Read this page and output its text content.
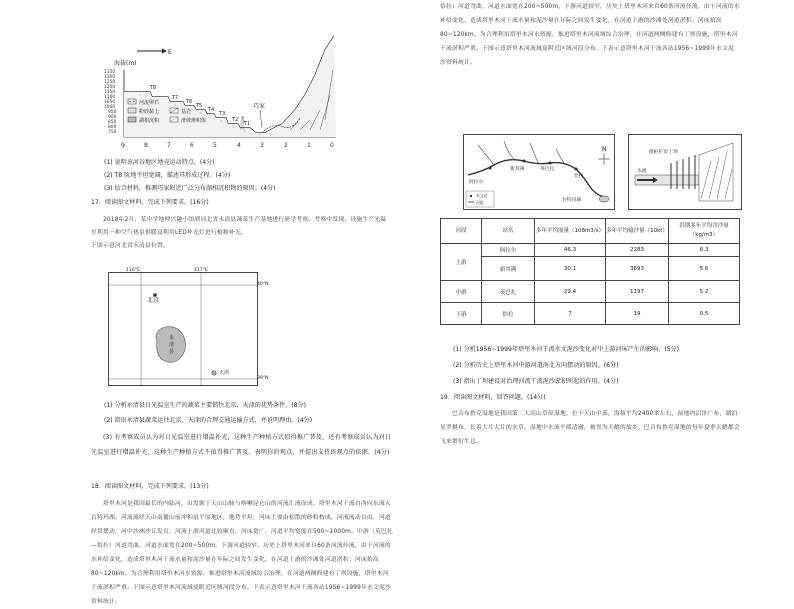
E
海拔(m)
1350
1300
1250
1200
1150
1100
1050
1000
950
900
850
800
750
9	8	7	6	5	4	3	2	1	0
T8
T7
T6
T5
T4
T3
T2
T1
巧家
金沙江
河流卵石
粉砂黏土	基岩
湖相沉积	滑坡堆积体
(1) 说明该河谷地区地壳运动特点。(4分)
(2) T8 阶地平坦宽阔，描述其形成过程。(4分)
(3) 结合材料，推测巧家附近广泛分布湖相沉积物的原因。(4分)
17．阅读图文材料，完成下列要求。(16分)
2018年2月，某中学地理兴趣小组到河北省永清县蔬菜生产基地进行研学考察。考察中发现，设施生产光温室利用一种空气热泵供暖及利用LED补光灯进行植物补光。
下图示意河北省永清县位置。
北京
永清县
天津
116°E	117°E
40°N
39°N
(1) 分析永清县日光温室生产的蔬菜主要销往北京、天津的优势条件。(8分)
(2) 指出永清县蔬菜运往北京、天津的合理交通运输方式，并说明理由。(4分)
(3) 有考察成员认为对日光温室进行增温补光，这种生产种植方式值得推广普及，还有考察成员认为对日光温室进行增温补光，这种生产种植方式不值得推广普及。表明你的观点，并提出支持该观点的依据。(4分)
18．阅读图文材料，完成下列要求。(13分)
塔里木河是我国最长的内陆河，由发源于天山山脉与喀喇昆仑山的河流汇流而成。塔里木河干流自西向东流入台特玛湖。河流流经天山南麓山前冲积扇平原地区，地势平坦，河床主要由松散的砂粉构成，河流流动自由，河道经常摆动，河中沙洲沙丘发育，河流上游河道比较顺直，河床宽广，河道平均宽度在500~1000m。中游（英巴扎—恰拉）河道弯曲，河道水面宽在200~500m，下游河道较窄。历史上塔里木河来自60条河流径流，由于河流的水补给变化，造成塔里木河干流水量和泥沙量在年际之间发生变化，在河道上游的沙滩处河道淤积；河床抬高80~120km。为合理利用塔里木河水资源，推进塔里木河流域综合治理，在河道两侧修建有丁坝设施，塔里木河干流淤积严重。下图示意塔里木河流域及附近区域河段分布。下表示意塔里木河干流各站1956~1999年水文泥沙资料统计。
恰拉）河道弯曲，河道水面宽在200~500m，下游河道较窄。历史上塔里木河来自60条河流径流，由于河流的水补给变化，造成塔里木河干流水量和泥沙量在年际之间发生变化，在河道上游的沙滩处河道淤积；河床抬高80~120km。为合理利用塔里木河水资源，推进塔里木河流域综合治理，在河道两侧修建有丁坝设施，塔里木河干流淤积严重。下图示意塔里木河流域及附近区域河段分布。下表示意塔里木河干流各站1956~1999年水文泥沙资料统计。
N
阿拉尔
新其满	英巴扎
恰拉
台特玛湖
水文站
河流
排桩护岸丁坝
水流
河段	站名	多年平均流量（108m3/s）	多年平均输沙量（10kt）	洪期多年平均含沙量（kg/m3）
上游	阿拉尔	46.3	2283	6.3
	新其满	30.1	3693	5.6
中游	英巴扎	29.4	1197	5.2
下游	恰拉	7	19	0.5
(1) 分析1956~1999年塔里木河干流水文泥沙变化对中上游河床产生的影响。(5分)
(2) 分析历史上塔里木河中游河道南北方向摆动的原因。(6分)
(3) 指出丁坝建设对治理河流干流泥沙淤积所起的作用。(4分)
19．阅读图文材料，回答问题。(14分)
巴音布鲁克湿地是我国第二大高山草原湿地，位于天山中部，海拔平均2400米左右，湿地内沼泽广布，湖泊星罗棋布，长着大片大片的水草，湿地中水流平缓清澈，被誉为天鹅的故乡。巴音布鲁克湿地的每年夏季天鹅都会飞来繁衍生息。
